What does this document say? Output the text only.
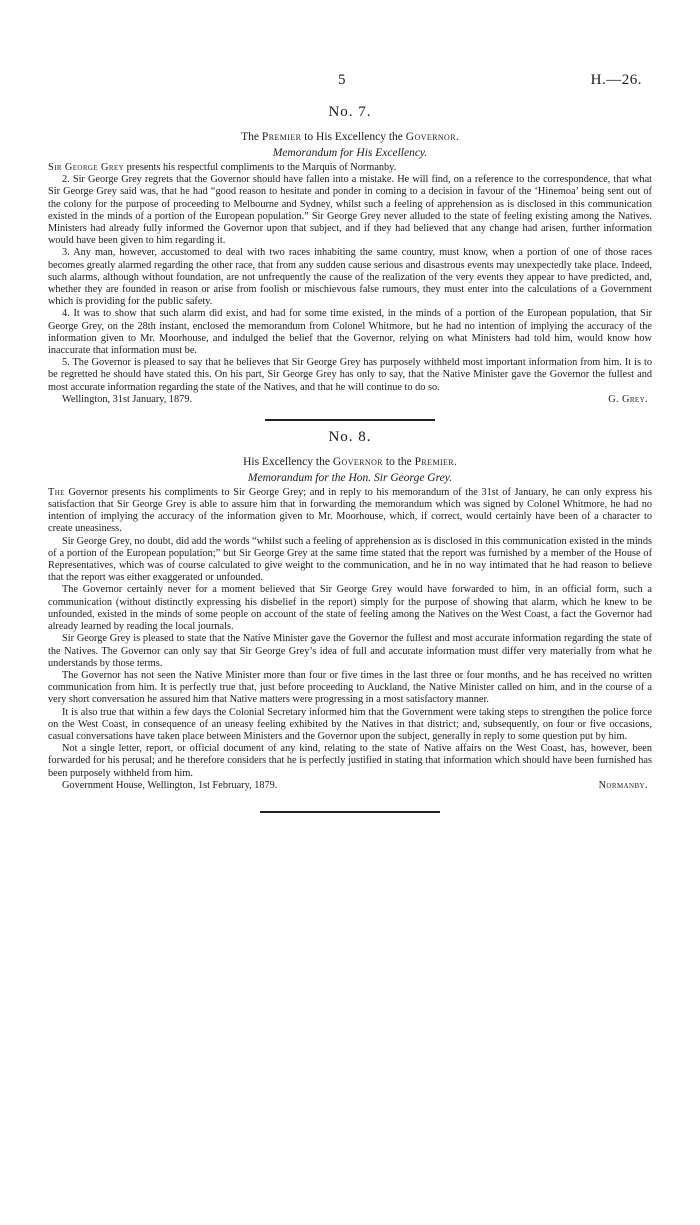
5	H.—26.
No. 7.
The Premier to His Excellency the Governor.
Memorandum for His Excellency.

Sir George Grey presents his respectful compliments to the Marquis of Normanby.

2. Sir George Grey regrets that the Governor should have fallen into a mistake. He will find, on a reference to the correspondence, that what Sir George Grey said was, that he had “good reason to hesitate and ponder in coming to a decision in favour of the ‘Hinemoa’ being sent out of the colony for the purpose of proceeding to Melbourne and Sydney, whilst such a feeling of apprehension as is disclosed in this communication existed in the minds of a portion of the European population.” Sir George Grey never alluded to the state of feeling existing among the Natives. Ministers had already fully informed the Governor upon that subject, and if they had believed that any change had arisen, further information would have been given to him regarding it.

3. Any man, however, accustomed to deal with two races inhabiting the same country, must know, when a portion of one of those races becomes greatly alarmed regarding the other race, that from any sudden cause serious and disastrous events may unexpectedly take place. Indeed, such alarms, although without foundation, are not unfrequently the cause of the realization of the very events they appear to have predicted, and, whether they are founded in reason or arise from foolish or mischievous false rumours, they must enter into the calculations of a Government which is providing for the public safety.

4. It was to show that such alarm did exist, and had for some time existed, in the minds of a portion of the European population, that Sir George Grey, on the 28th instant, enclosed the memorandum from Colonel Whitmore, but he had no intention of implying the accuracy of the information given to Mr. Moorhouse, and indulged the belief that the Governor, relying on what Ministers had told him, would know how inaccurate that information must be.

5. The Governor is pleased to say that he believes that Sir George Grey has purposely withheld most important information from him. It is to be regretted he should have stated this. On his part, Sir George Grey has only to say, that the Native Minister gave the Governor the fullest and most accurate information regarding the state of the Natives, and that he will continue to do so.

Wellington, 31st January, 1879.	G. Grey.
No. 8.
His Excellency the Governor to the Premier.
Memorandum for the Hon. Sir George Grey.

The Governor presents his compliments to Sir George Grey; and in reply to his memorandum of the 31st of January, he can only express his satisfaction that Sir George Grey is able to assure him that in forwarding the memorandum which was signed by Colonel Whitmore, he had no intention of implying the accuracy of the information given to Mr. Moorhouse, which, if correct, would certainly have been of a character to create uneasiness.

Sir George Grey, no doubt, did add the words “whilst such a feeling of apprehension as is disclosed in this communication existed in the minds of a portion of the European population;” but Sir George Grey at the same time stated that the report was furnished by a member of the House of Representatives, which was of course calculated to give weight to the communication, and he in no way intimated that he had reason to believe that the report was either exaggerated or unfounded.

The Governor certainly never for a moment believed that Sir George Grey would have forwarded to him, in an official form, such a communication (without distinctly expressing his disbelief in the report) simply for the purpose of showing that alarm, which he knew to be unfounded, existed in the minds of some people on account of the state of feeling among the Natives on the West Coast, a fact the Governor had already learned by reading the local journals.

Sir George Grey is pleased to state that the Native Minister gave the Governor the fullest and most accurate information regarding the state of the Natives. The Governor can only say that Sir George Grey’s idea of full and accurate information must differ very materially from what he understands by those terms.

The Governor has not seen the Native Minister more than four or five times in the last three or four months, and he has received no written communication from him. It is perfectly true that, just before proceeding to Auckland, the Native Minister called on him, and in the course of a very short conversation he assured him that Native matters were progressing in a most satisfactory manner.

It is also true that within a few days the Colonial Secretary informed him that the Government were taking steps to strengthen the police force on the West Coast, in consequence of an uneasy feeling exhibited by the Natives in that district; and, subsequently, on four or five occasions, casual conversations have taken place between Ministers and the Governor upon the subject, generally in reply to some question put by him.

Not a single letter, report, or official document of any kind, relating to the state of Native affairs on the West Coast, has, however, been forwarded for his perusal; and he therefore considers that he is perfectly justified in stating that information which should have been furnished has been purposely withheld from him.

Government House, Wellington, 1st February, 1879.	Normanby.
